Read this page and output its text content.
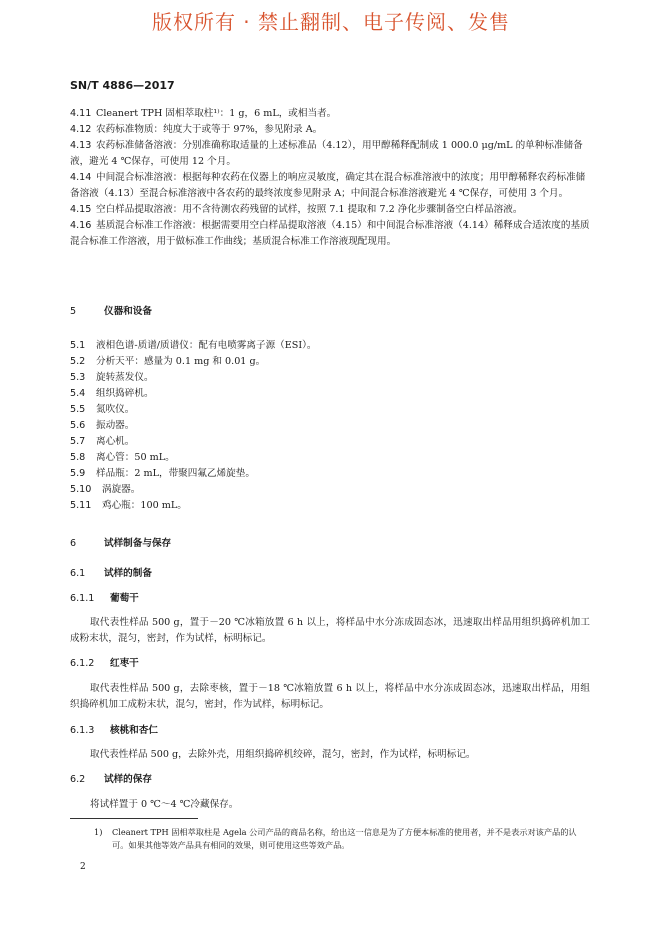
版权所有 · 禁止翻制、电子传阅、发售
SN/T 4886—2017
4.11 Cleanert TPH 固相萃取柱¹⁾：1 g，6 mL，或相当者。
4.12 农药标准物质：纯度大于或等于 97%，参见附录 A。
4.13 农药标准储备溶液：分别准确称取适量的上述标准品（4.12），用甲醇稀释配制成 1 000.0 μg/mL 的单种标准储备液，避光 4 ℃保存，可使用 12 个月。
4.14 中间混合标准溶液：根据每种农药在仪器上的响应灵敏度，确定其在混合标准溶液中的浓度；用甲醇稀释农药标准储备溶液（4.13）至混合标准溶液中各农药的最终浓度参见附录 A；中间混合标准溶液避光 4 ℃保存，可使用 3 个月。
4.15 空白样品提取溶液：用不含待测农药残留的试样，按照 7.1 提取和 7.2 净化步骤制备空白样品溶液。
4.16 基质混合标准工作溶液：根据需要用空白样品提取溶液（4.15）和中间混合标准溶液（4.14）稀释成合适浓度的基质混合标准工作溶液，用于做标准工作曲线；基质混合标准工作溶液现配现用。
5	仪器和设备
5.1 液相色谱-质谱/质谱仪：配有电喷雾离子源（ESI）。
5.2 分析天平：感量为 0.1 mg 和 0.01 g。
5.3 旋转蒸发仪。
5.4 组织捣碎机。
5.5 氮吹仪。
5.6 振动器。
5.7 离心机。
5.8 离心管：50 mL。
5.9 样品瓶：2 mL，带聚四氟乙烯旋垫。
5.10 涡旋器。
5.11 鸡心瓶：100 mL。
6	试样制备与保存
6.1 试样的制备
6.1.1 葡萄干
取代表性样品 500 g，置于－20 ℃冰箱放置 6 h 以上，将样品中水分冻成固态冰，迅速取出样品用组织捣碎机加工成粉末状，混匀，密封，作为试样，标明标记。
6.1.2 红枣干
取代表性样品 500 g，去除枣核，置于－18 ℃冰箱放置 6 h 以上，将样品中水分冻成固态冰，迅速取出样品，用组织捣碎机加工成粉末状，混匀，密封，作为试样，标明标记。
6.1.3 核桃和杏仁
取代表性样品 500 g，去除外壳，用组织捣碎机绞碎，混匀，密封，作为试样，标明标记。
6.2 试样的保存
将试样置于 0 ℃～4 ℃冷藏保存。
1)	Cleanert TPH 固相萃取柱是 Agela 公司产品的商品名称，给出这一信息是为了方便本标准的使用者，并不是表示对该产品的认可。如果其他等效产品具有相同的效果，则可使用这些等效产品。
2
